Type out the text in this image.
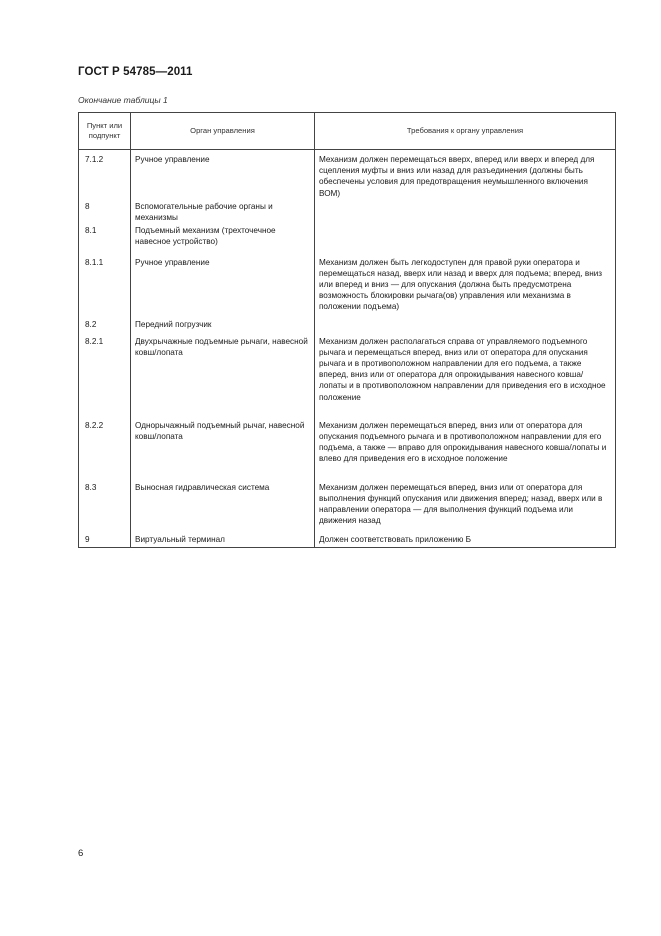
ГОСТ Р 54785—2011
Окончание таблицы 1
Пункт или подпункт	Орган управления	Требования к органу управления
7.1.2	Ручное управление	Механизм должен перемещаться вверх, вперед или вверх и вперед для сцепления муфты и вниз или назад для разъединения (должны быть обеспечены условия для предотвращения неумышленного включения ВОМ)
8	Вспомогательные рабочие органы и механизмы	
8.1	Подъемный механизм (трехточечное навесное устройство)	
8.1.1	Ручное управление	Механизм должен быть легкодоступен для правой руки оператора и перемещаться назад, вверх или назад и вверх для подъема; вперед, вниз или вперед и вниз — для опускания (должна быть предусмотрена возможность блокировки рычага(ов) управления или механизма в положении подъема)
8.2	Передний погрузчик	
8.2.1	Двухрычажные подъемные рычаги, навесной ковш/лопата	Механизм должен располагаться справа от управляемого подъемного рычага и перемещаться вперед, вниз или от оператора для опускания рычага и в противоположном направлении для его подъема, а также вперед, вниз или от оператора для опрокидывания навесного ковша/лопаты и в противоположном направлении для приведения его в исходное положение
8.2.2	Однорычажный подъемный рычаг, навесной ковш/лопата	Механизм должен перемещаться вперед, вниз или от оператора для опускания подъемного рычага и в противоположном направлении для его подъема, а также — вправо для опрокидывания навесного ковша/лопаты и влево для приведения его в исходное положение
8.3	Выносная гидравлическая система	Механизм должен перемещаться вперед, вниз или от оператора для выполнения функций опускания или движения вперед; назад, вверх или в направлении оператора — для выполнения функций подъема или движения назад
9	Виртуальный терминал	Должен соответствовать приложению Б
6
